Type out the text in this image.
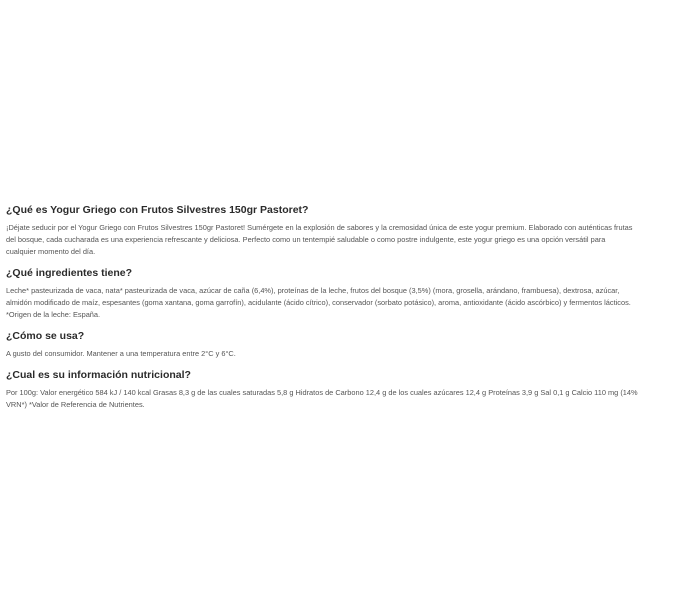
¿Qué es Yogur Griego con Frutos Silvestres 150gr Pastoret?
¡Déjate seducir por el Yogur Griego con Frutos Silvestres 150gr Pastoret! Sumérgete en la explosión de sabores y la cremosidad única de este yogur premium. Elaborado con auténticas frutas
del bosque, cada cucharada es una experiencia refrescante y deliciosa. Perfecto como un tentempié saludable o como postre indulgente, este yogur griego es una opción versátil para
cualquier momento del día.
¿Qué ingredientes tiene?
Leche* pasteurizada de vaca, nata* pasteurizada de vaca, azúcar de caña (6,4%), proteínas de la leche, frutos del bosque (3,5%) (mora, grosella, arándano, frambuesa), dextrosa, azúcar,
almidón modificado de maíz, espesantes (goma xantana, goma garrofín), acidulante (ácido cítrico), conservador (sorbato potásico), aroma, antioxidante (ácido ascórbico) y fermentos lácticos.
*Origen de la leche: España.
¿Cómo se usa?
A gusto del consumidor. Mantener a una temperatura entre 2°C y 6°C.
¿Cual es su información nutricional?
Por 100g: Valor energético 584 kJ / 140 kcal Grasas 8,3 g de las cuales saturadas 5,8 g Hidratos de Carbono 12,4 g de los cuales azúcares 12,4 g Proteínas 3,9 g Sal 0,1 g Calcio 110 mg (14%
VRN*) *Valor de Referencia de Nutrientes.
